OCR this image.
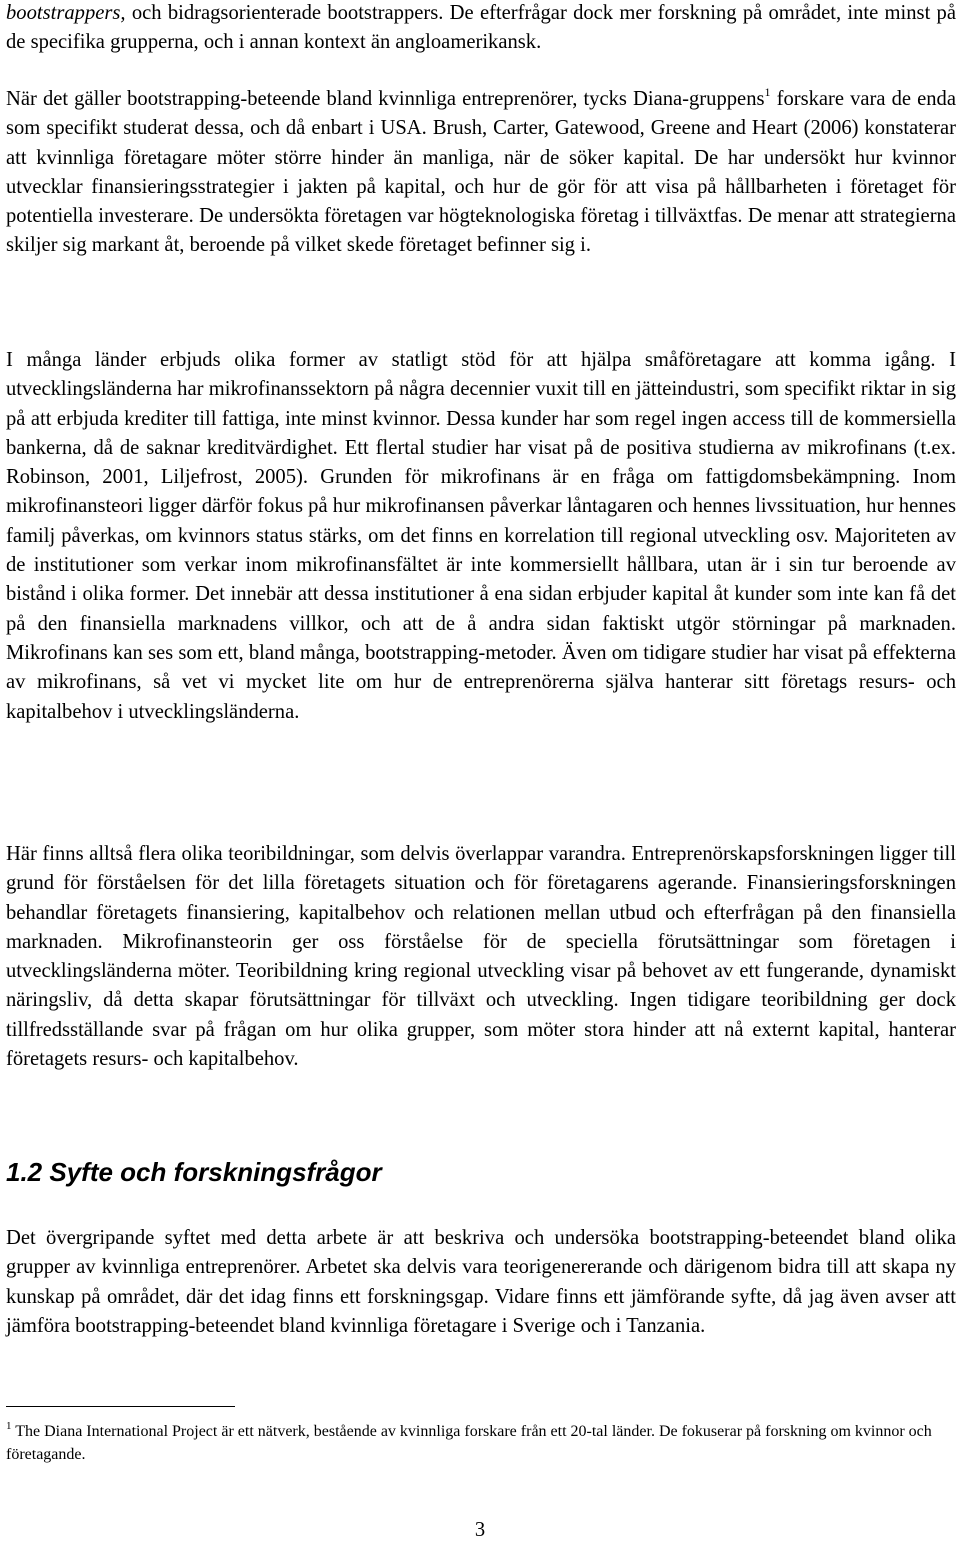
bootstrappers, och bidragsorienterade bootstrappers. De efterfrågar dock mer forskning på området, inte minst på de specifika grupperna, och i annan kontext än angloamerikansk.

När det gäller bootstrapping-beteende bland kvinnliga entreprenörer, tycks Diana-gruppens$^1$ forskare vara de enda som specifikt studerat dessa, och då enbart i USA. Brush, Carter, Gatewood, Greene and Heart (2006) konstaterar att kvinnliga företagare möter större hinder än manliga, när de söker kapital. De har undersökt hur kvinnor utvecklar finansieringsstrategier i jakten på kapital, och hur de gör för att visa på hållbarheten i företaget för potentiella investerare. De undersökta företagen var högteknologiska företag i tillväxtfas. De menar att strategierna skiljer sig markant åt, beroende på vilket skede företaget befinner sig i.

I många länder erbjuds olika former av statligt stöd för att hjälpa småföretagare att komma igång. I utvecklingsländerna har mikrofinanssektorn på några decennier vuxit till en jätteindustri, som specifikt riktar in sig på att erbjuda krediter till fattiga, inte minst kvinnor. Dessa kunder har som regel ingen access till de kommersiella bankerna, då de saknar kreditvärdighet. Ett flertal studier har visat på de positiva studierna av mikrofinans (t.ex. Robinson, 2001, Liljefrost, 2005). Grunden för mikrofinans är en fråga om fattigdomsbekämpning. Inom mikrofinansteori ligger därför fokus på hur mikrofinansen påverkar låntagaren och hennes livssituation, hur hennes familj påverkas, om kvinnors status stärks, om det finns en korrelation till regional utveckling osv. Majoriteten av de institutioner som verkar inom mikrofinansfältet är inte kommersiellt hållbara, utan är i sin tur beroende av bistånd i olika former. Det innebär att dessa institutioner å ena sidan erbjuder kapital åt kunder som inte kan få det på den finansiella marknadens villkor, och att de å andra sidan faktiskt utgör störningar på marknaden. Mikrofinans kan ses som ett, bland många, bootstrapping-metoder. Även om tidigare studier har visat på effekterna av mikrofinans, så vet vi mycket lite om hur de entreprenörerna själva hanterar sitt företags resurs- och kapitalbehov i utvecklingsländerna.

Här finns alltså flera olika teoribildningar, som delvis överlappar varandra. Entreprenörskapsforskningen ligger till grund för förståelsen för det lilla företagets situation och för företagarens agerande. Finansieringsforskningen behandlar företagets finansiering, kapitalbehov och relationen mellan utbud och efterfrågan på den finansiella marknaden. Mikrofinansteorin ger oss förståelse för de speciella förutsättningar som företagen i utvecklingsländerna möter. Teoribildning kring regional utveckling visar på behovet av ett fungerande, dynamiskt näringsliv, då detta skapar förutsättningar för tillväxt och utveckling. Ingen tidigare teoribildning ger dock tillfredsställande svar på frågan om hur olika grupper, som möter stora hinder att nå externt kapital, hanterar företagets resurs- och kapitalbehov.

1.2 Syfte och forskningsfrågor

Det övergripande syftet med detta arbete är att beskriva och undersöka bootstrapping-beteendet bland olika grupper av kvinnliga entreprenörer. Arbetet ska delvis vara teorigenererande och därigenom bidra till att skapa ny kunskap på området, där det idag finns ett forskningsgap. Vidare finns ett jämförande syfte, då jag även avser att jämföra bootstrapping-beteendet bland kvinnliga företagare i Sverige och i Tanzania.

$^1$ The Diana International Project är ett nätverk, bestående av kvinnliga forskare från ett 20-tal länder. De fokuserar på forskning om kvinnor och företagande.
3
